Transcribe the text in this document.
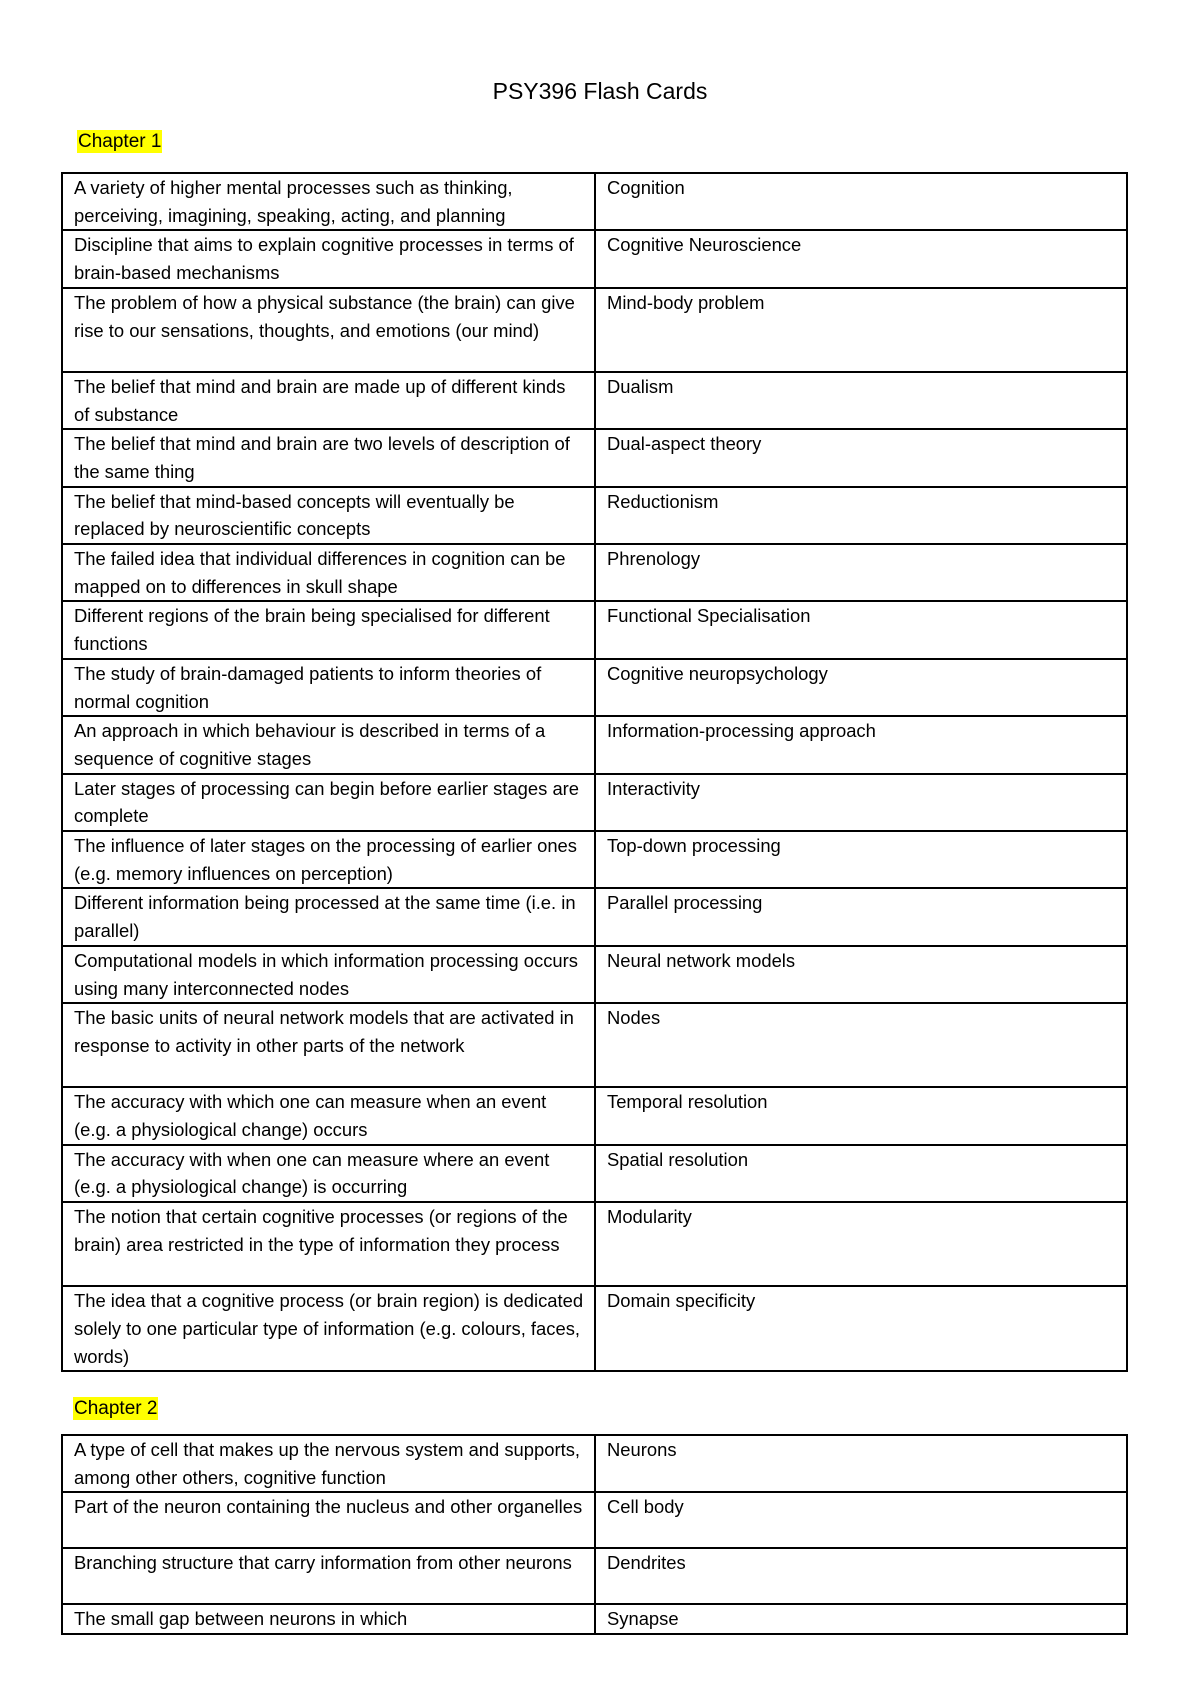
PSY396 Flash Cards
Chapter 1
A variety of higher mental processes such as thinking, perceiving, imagining, speaking, acting, and planning	Cognition
Discipline that aims to explain cognitive processes in terms of brain-based mechanisms	Cognitive Neuroscience
The problem of how a physical substance (the brain) can give rise to our sensations, thoughts, and emotions (our mind)	Mind-body problem
The belief that mind and brain are made up of different kinds of substance	Dualism
The belief that mind and brain are two levels of description of the same thing	Dual-aspect theory
The belief that mind-based concepts will eventually be replaced by neuroscientific concepts	Reductionism
The failed idea that individual differences in cognition can be mapped on to differences in skull shape	Phrenology
Different regions of the brain being specialised for different functions	Functional Specialisation
The study of brain-damaged patients to inform theories of normal cognition	Cognitive neuropsychology
An approach in which behaviour is described in terms of a sequence of cognitive stages	Information-processing approach
Later stages of processing can begin before earlier stages are complete	Interactivity
The influence of later stages on the processing of earlier ones (e.g. memory influences on perception)	Top-down processing
Different information being processed at the same time (i.e. in parallel)	Parallel processing
Computational models in which information processing occurs using many interconnected nodes	Neural network models
The basic units of neural network models that are activated in response to activity in other parts of the network	Nodes
The accuracy with which one can measure when an event (e.g. a physiological change) occurs	Temporal resolution
The accuracy with when one can measure where an event (e.g. a physiological change) is occurring	Spatial resolution
The notion that certain cognitive processes (or regions of the brain) area restricted in the type of information they process	Modularity
The idea that a cognitive process (or brain region) is dedicated solely to one particular type of information (e.g. colours, faces, words)	Domain specificity
Chapter 2
A type of cell that makes up the nervous system and supports, among other others, cognitive function	Neurons
Part of the neuron containing the nucleus and other organelles	Cell body
Branching structure that carry information from other neurons	Dendrites
The small gap between neurons in which	Synapse
